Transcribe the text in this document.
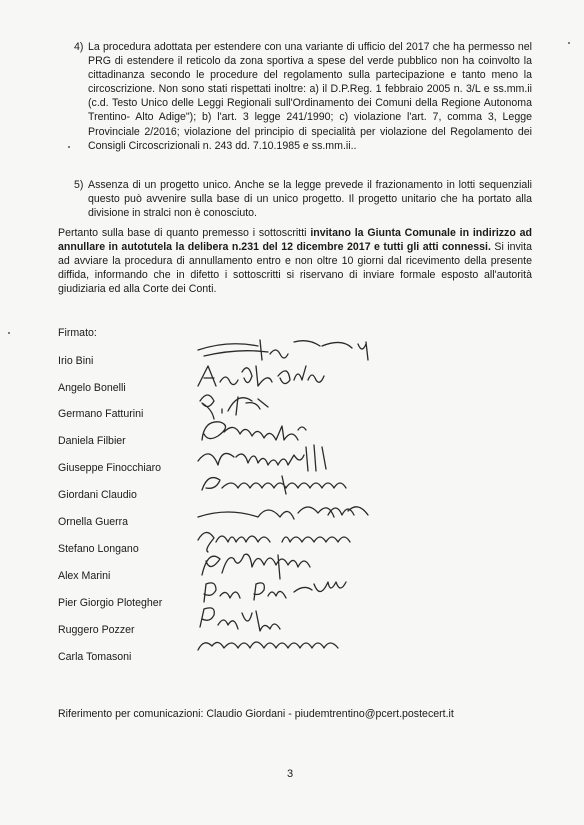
4) La procedura adottata per estendere con una variante di ufficio del 2017 che ha permesso nel PRG di estendere il reticolo da zona sportiva a spese del verde pubblico non ha coinvolto la cittadinanza secondo le procedure del regolamento sulla partecipazione e tanto meno la circoscrizione. Non sono stati rispettati inoltre: a) il D.P.Reg. 1 febbraio 2005 n. 3/L e ss.mm.ii (c.d. Testo Unico delle Leggi Regionali sull'Ordinamento dei Comuni della Regione Autonoma Trentino- Alto Adige"); b) l'art. 3 legge 241/1990; c) violazione l'art. 7, comma 3, Legge Provinciale 2/2016; violazione del principio di specialità per violazione del Regolamento dei Consigli Circoscrizionali n. 243 dd. 7.10.1985 e ss.mm.ii..
5) Assenza di un progetto unico. Anche se la legge prevede il frazionamento in lotti sequenziali questo può avvenire sulla base di un unico progetto. Il progetto unitario che ha portato alla divisione in stralci non è conosciuto.
Pertanto sulla base di quanto premesso i sottoscritti invitano la Giunta Comunale in indirizzo ad annullare in autotutela la delibera n.231 del 12 dicembre 2017 e tutti gli atti connessi. Si invita ad avviare la procedura di annullamento entro e non oltre 10 giorni dal ricevimento della presente diffida, informando che in difetto i sottoscritti si riservano di inviare formale esposto all'autorità giudiziaria ed alla Corte dei Conti.
Firmato:
Irio Bini
Angelo Bonelli
Germano Fatturini
Daniela Filbier
Giuseppe Finocchiaro
Giordani Claudio
Ornella Guerra
Stefano Longano
Alex Marini
Pier Giorgio Plotegher
Ruggero Pozzer
Carla Tomasoni
Riferimento per comunicazioni: Claudio Giordani - piudemtrentino@pcert.postecert.it
3
